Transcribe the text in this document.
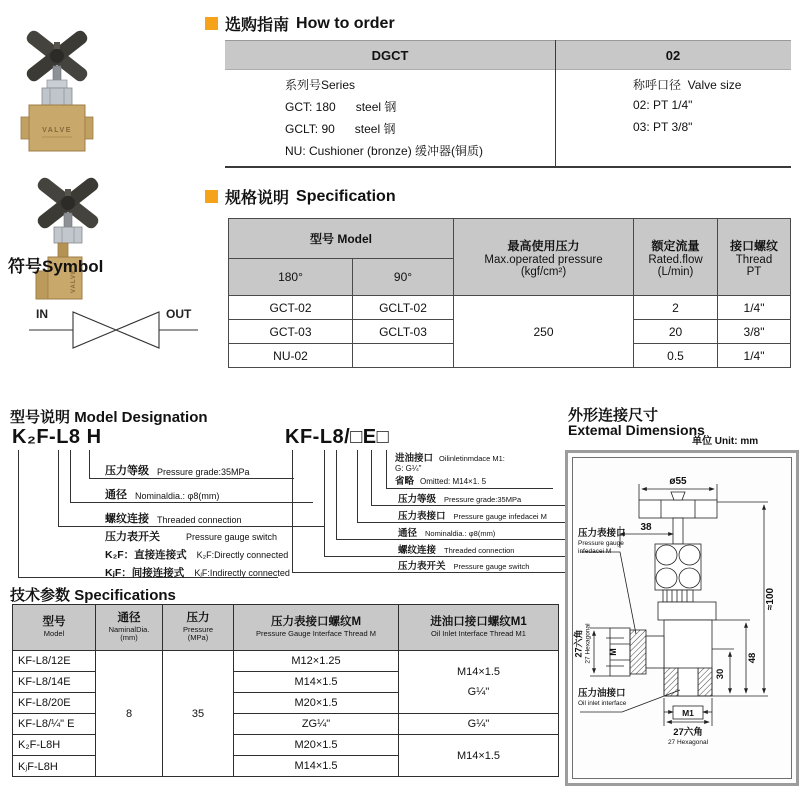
VALVE

VALVE
选购指南 How to order
DGCT	02
系列号Series
GCT: 180      steel 钢
GCLT: 90      steel 钢
NU: Cushioner (bronze) 缓冲器(铜质)
称呼口径  Valve size
02: PT 1/4"
03: PT 3/8"
规格说明 Specification
符号Symbol
IN	OUT
型号 Model	最高使用压力
Max.operated pressure
(kgf/cm²)

额定流量
Rated.flow
(L/min)

接口螺纹
Thread
PT

180°	90°			
GCT-02	GCLT-02	250	2	1/4"
GCT-03	GCLT-03		20	3/8"
NU-02			0.5	1/4"
型号说明 Model Designation
K₂F-L8 H
压力等级 Pressure grade:35MPa
通径 Nominaldia.: φ8(mm)
螺纹连接 Threaded connection
压力表开关	Pressure gauge switch
K₂F：直接连接式 K₂F:Directly connected
KⱼF：间接连接式 KⱼF:Indirectly connected
KF-L8/□E□
进油接口 Oilinletinmdace M1:
G: G¼"
省略 Omitted: M14×1. 5
压力等级 Pressure grade:35MPa
压力表接口 Pressure gauge infedacei M
通径 Nominaldia.: φ8(mm)
螺纹连接 Threaded connection
压力表开关 Pressure gauge switch
外形连接尺寸
Extemal Dimensions
单位 Unit: mm
ø55
38
≈100
48
30
M
M1
压力表接口
Pressure gauge infedacei M
27六角 27 Hexagonal
压力油接口
Oil inlet interface
27六角
27 Hexagonal
技术参数 Specifications
型号
Model

通径
NaminalDia.
(mm)

压力
Pressure
(MPa)

压力表接口螺纹M
Pressure Gauge Interface Thread M

进油口接口螺纹M1
Oil Inlet Interface Thread M1

KF-L8/12E	8	35	M12×1.25	M14×1.5
G¼"

KF-L8/14E			M14×1.5	
KF-L8/20E			M20×1.5	
KF-L8/¼" E			ZG¼"	G¼"
K₂F-L8H			M20×1.5	M14×1.5
KⱼF-L8H			M14×1.5	
